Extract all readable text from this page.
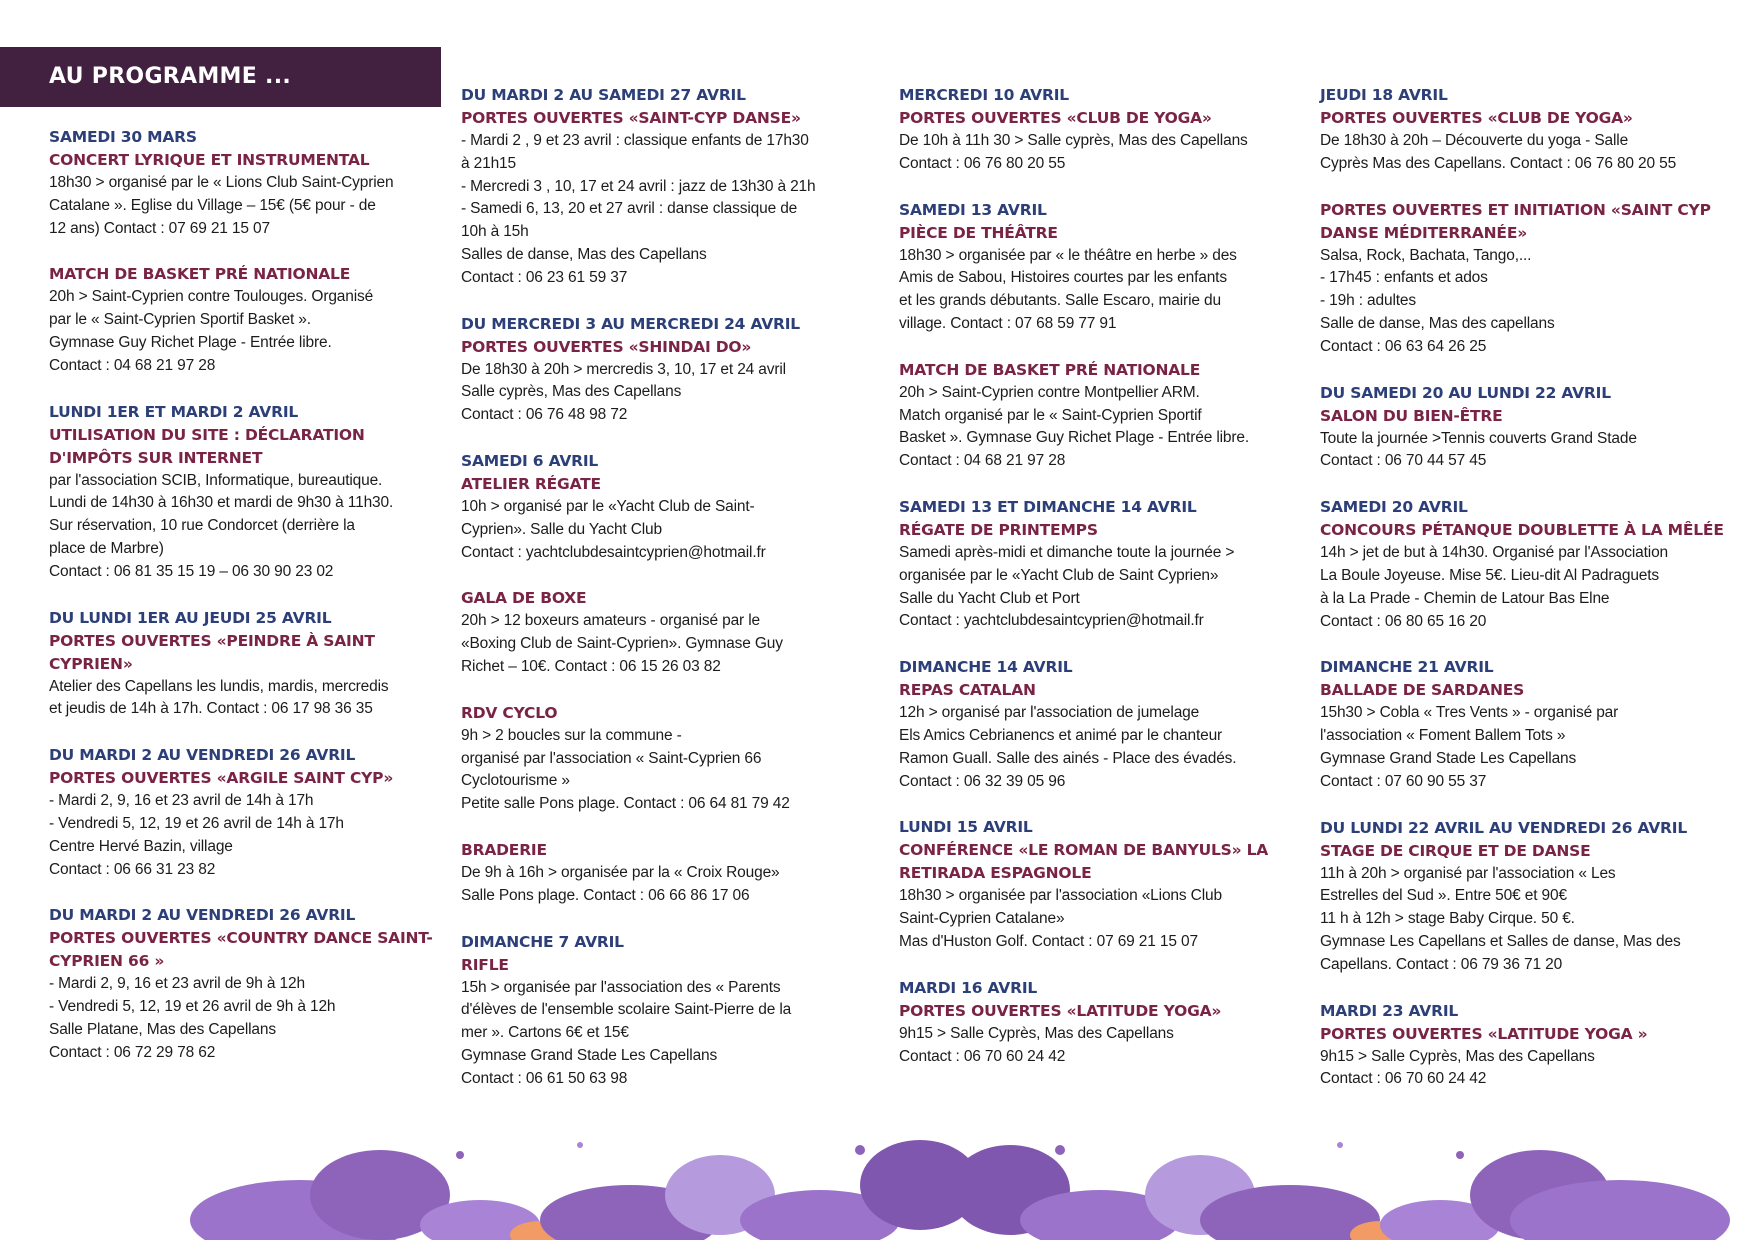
AU PROGRAMME ...
SAMEDI 30 MARS
CONCERT LYRIQUE ET INSTRUMENTAL
18h30 > organisé par le « Lions Club Saint-Cyprien
Catalane ». Eglise du Village – 15€ (5€ pour - de
12 ans) Contact : 07 69 21 15 07
MATCH DE BASKET PRÉ NATIONALE
20h > Saint-Cyprien contre Toulouges. Organisé
par le « Saint-Cyprien Sportif Basket ».
Gymnase Guy Richet Plage - Entrée libre.
Contact : 04 68 21 97 28
LUNDI 1ER ET MARDI 2 AVRIL
UTILISATION DU SITE : DÉCLARATION D'IMPÔTS SUR INTERNET
par l'association SCIB, Informatique, bureautique.
Lundi de 14h30 à 16h30 et mardi de 9h30 à 11h30.
Sur réservation, 10 rue Condorcet (derrière la
place de Marbre)
Contact : 06 81 35 15 19 – 06 30 90 23 02
DU LUNDI 1ER AU JEUDI 25 AVRIL
PORTES OUVERTES «PEINDRE À SAINT CYPRIEN»
Atelier des Capellans les lundis, mardis, mercredis
et jeudis de 14h à 17h. Contact : 06 17 98 36 35
DU MARDI 2 AU VENDREDI 26 AVRIL
PORTES OUVERTES «ARGILE SAINT CYP»
- Mardi 2, 9, 16 et 23 avril de 14h à 17h
- Vendredi 5, 12, 19 et 26 avril de 14h à 17h
Centre Hervé Bazin, village
Contact : 06 66 31 23 82
DU MARDI 2 AU VENDREDI 26 AVRIL
PORTES OUVERTES «COUNTRY DANCE SAINT-CYPRIEN 66 »
- Mardi 2, 9, 16 et 23 avril de 9h à 12h
- Vendredi 5, 12, 19 et 26 avril de 9h à 12h
Salle Platane, Mas des Capellans
Contact : 06 72 29 78 62
DU MARDI 2 AU SAMEDI 27 AVRIL
PORTES OUVERTES «SAINT-CYP DANSE»
- Mardi 2 , 9 et 23 avril : classique enfants de 17h30
à 21h15
- Mercredi 3 , 10, 17 et 24 avril : jazz de 13h30 à 21h
- Samedi 6, 13, 20 et 27 avril : danse classique de
10h à 15h
Salles de danse, Mas des Capellans
Contact : 06 23 61 59 37
DU MERCREDI 3 AU MERCREDI 24 AVRIL
PORTES OUVERTES «SHINDAI DO»
De 18h30 à 20h > mercredis 3, 10, 17 et 24 avril
Salle cyprès, Mas des Capellans
Contact : 06 76 48 98 72
SAMEDI 6 AVRIL
ATELIER RÉGATE
10h > organisé par le «Yacht Club de Saint-
Cyprien». Salle du Yacht Club
Contact : yachtclubdesaintcyprien@hotmail.fr
GALA DE BOXE
20h > 12 boxeurs amateurs - organisé par le
«Boxing Club de Saint-Cyprien». Gymnase Guy
Richet – 10€. Contact : 06 15 26 03 82
RDV CYCLO
9h > 2 boucles sur la commune -
organisé par l'association « Saint-Cyprien 66
Cyclotourisme »
Petite salle Pons plage. Contact : 06 64 81 79 42
BRADERIE
De 9h à 16h > organisée par la « Croix Rouge»
Salle Pons plage. Contact : 06 66 86 17 06
DIMANCHE 7 AVRIL
RIFLE
15h > organisée par l'association des « Parents
d'élèves de l'ensemble scolaire Saint-Pierre de la
mer ». Cartons 6€ et 15€
Gymnase Grand Stade Les Capellans
Contact : 06 61 50 63 98
MERCREDI 10 AVRIL
PORTES OUVERTES «CLUB DE YOGA»
De 10h à 11h 30 > Salle cyprès, Mas des Capellans
Contact : 06 76 80 20 55
SAMEDI 13 AVRIL
PIÈCE DE THÉÂTRE
18h30 > organisée par « le théâtre en herbe » des
Amis de Sabou, Histoires courtes par les enfants
et les grands débutants. Salle Escaro, mairie du
village. Contact : 07 68 59 77 91
MATCH DE BASKET PRÉ NATIONALE
20h > Saint-Cyprien contre Montpellier ARM.
Match organisé par le « Saint-Cyprien Sportif
Basket ». Gymnase Guy Richet Plage - Entrée libre.
Contact : 04 68 21 97 28
SAMEDI 13 ET DIMANCHE 14 AVRIL
RÉGATE DE PRINTEMPS
Samedi après-midi et dimanche toute la journée >
organisée par le «Yacht Club de Saint Cyprien»
Salle du Yacht Club et Port
Contact : yachtclubdesaintcyprien@hotmail.fr
DIMANCHE 14 AVRIL
REPAS CATALAN
12h > organisé par l'association de jumelage
Els Amics Cebrianencs et animé par le chanteur
Ramon Guall. Salle des ainés - Place des évadés.
Contact : 06 32 39 05 96
LUNDI 15 AVRIL
CONFÉRENCE «LE ROMAN DE BANYULS» LA RETIRADA ESPAGNOLE
18h30 > organisée par l'association «Lions Club
Saint-Cyprien Catalane»
Mas d'Huston Golf. Contact : 07 69 21 15 07
MARDI 16 AVRIL
PORTES OUVERTES «LATITUDE YOGA»
9h15 > Salle Cyprès, Mas des Capellans
Contact : 06 70 60 24 42
JEUDI 18 AVRIL
PORTES OUVERTES «CLUB DE YOGA»
De 18h30 à 20h – Découverte du yoga - Salle
Cyprès Mas des Capellans. Contact : 06 76 80 20 55
PORTES OUVERTES ET INITIATION «SAINT CYP DANSE MÉDITERRANÉE»
Salsa, Rock, Bachata, Tango,...
- 17h45 : enfants et ados
- 19h : adultes
Salle de danse, Mas des capellans
Contact : 06 63 64 26 25
DU SAMEDI 20 AU LUNDI 22 AVRIL
SALON DU BIEN-ÊTRE
Toute la journée >Tennis couverts Grand Stade
Contact : 06 70 44 57 45
SAMEDI 20 AVRIL
CONCOURS PÉTANQUE DOUBLETTE À LA MÊLÉE
14h > jet de but à 14h30. Organisé par l'Association
La Boule Joyeuse. Mise 5€. Lieu-dit Al Padraguets
à la La Prade - Chemin de Latour Bas Elne
Contact : 06 80 65 16 20
DIMANCHE 21 AVRIL
BALLADE DE SARDANES
15h30 > Cobla « Tres Vents » - organisé par
l'association « Foment Ballem Tots »
Gymnase Grand Stade Les Capellans
Contact : 07 60 90 55 37
DU LUNDI 22 AVRIL AU VENDREDI 26 AVRIL
STAGE DE CIRQUE ET DE DANSE
11h à 20h > organisé par l'association « Les
Estrelles del Sud ». Entre 50€ et 90€
11 h à 12h > stage Baby Cirque. 50 €.
Gymnase Les Capellans et Salles de danse, Mas des
Capellans. Contact : 06 79 36 71 20
MARDI 23 AVRIL
PORTES OUVERTES «LATITUDE YOGA »
9h15 > Salle Cyprès, Mas des Capellans
Contact : 06 70 60 24 42
